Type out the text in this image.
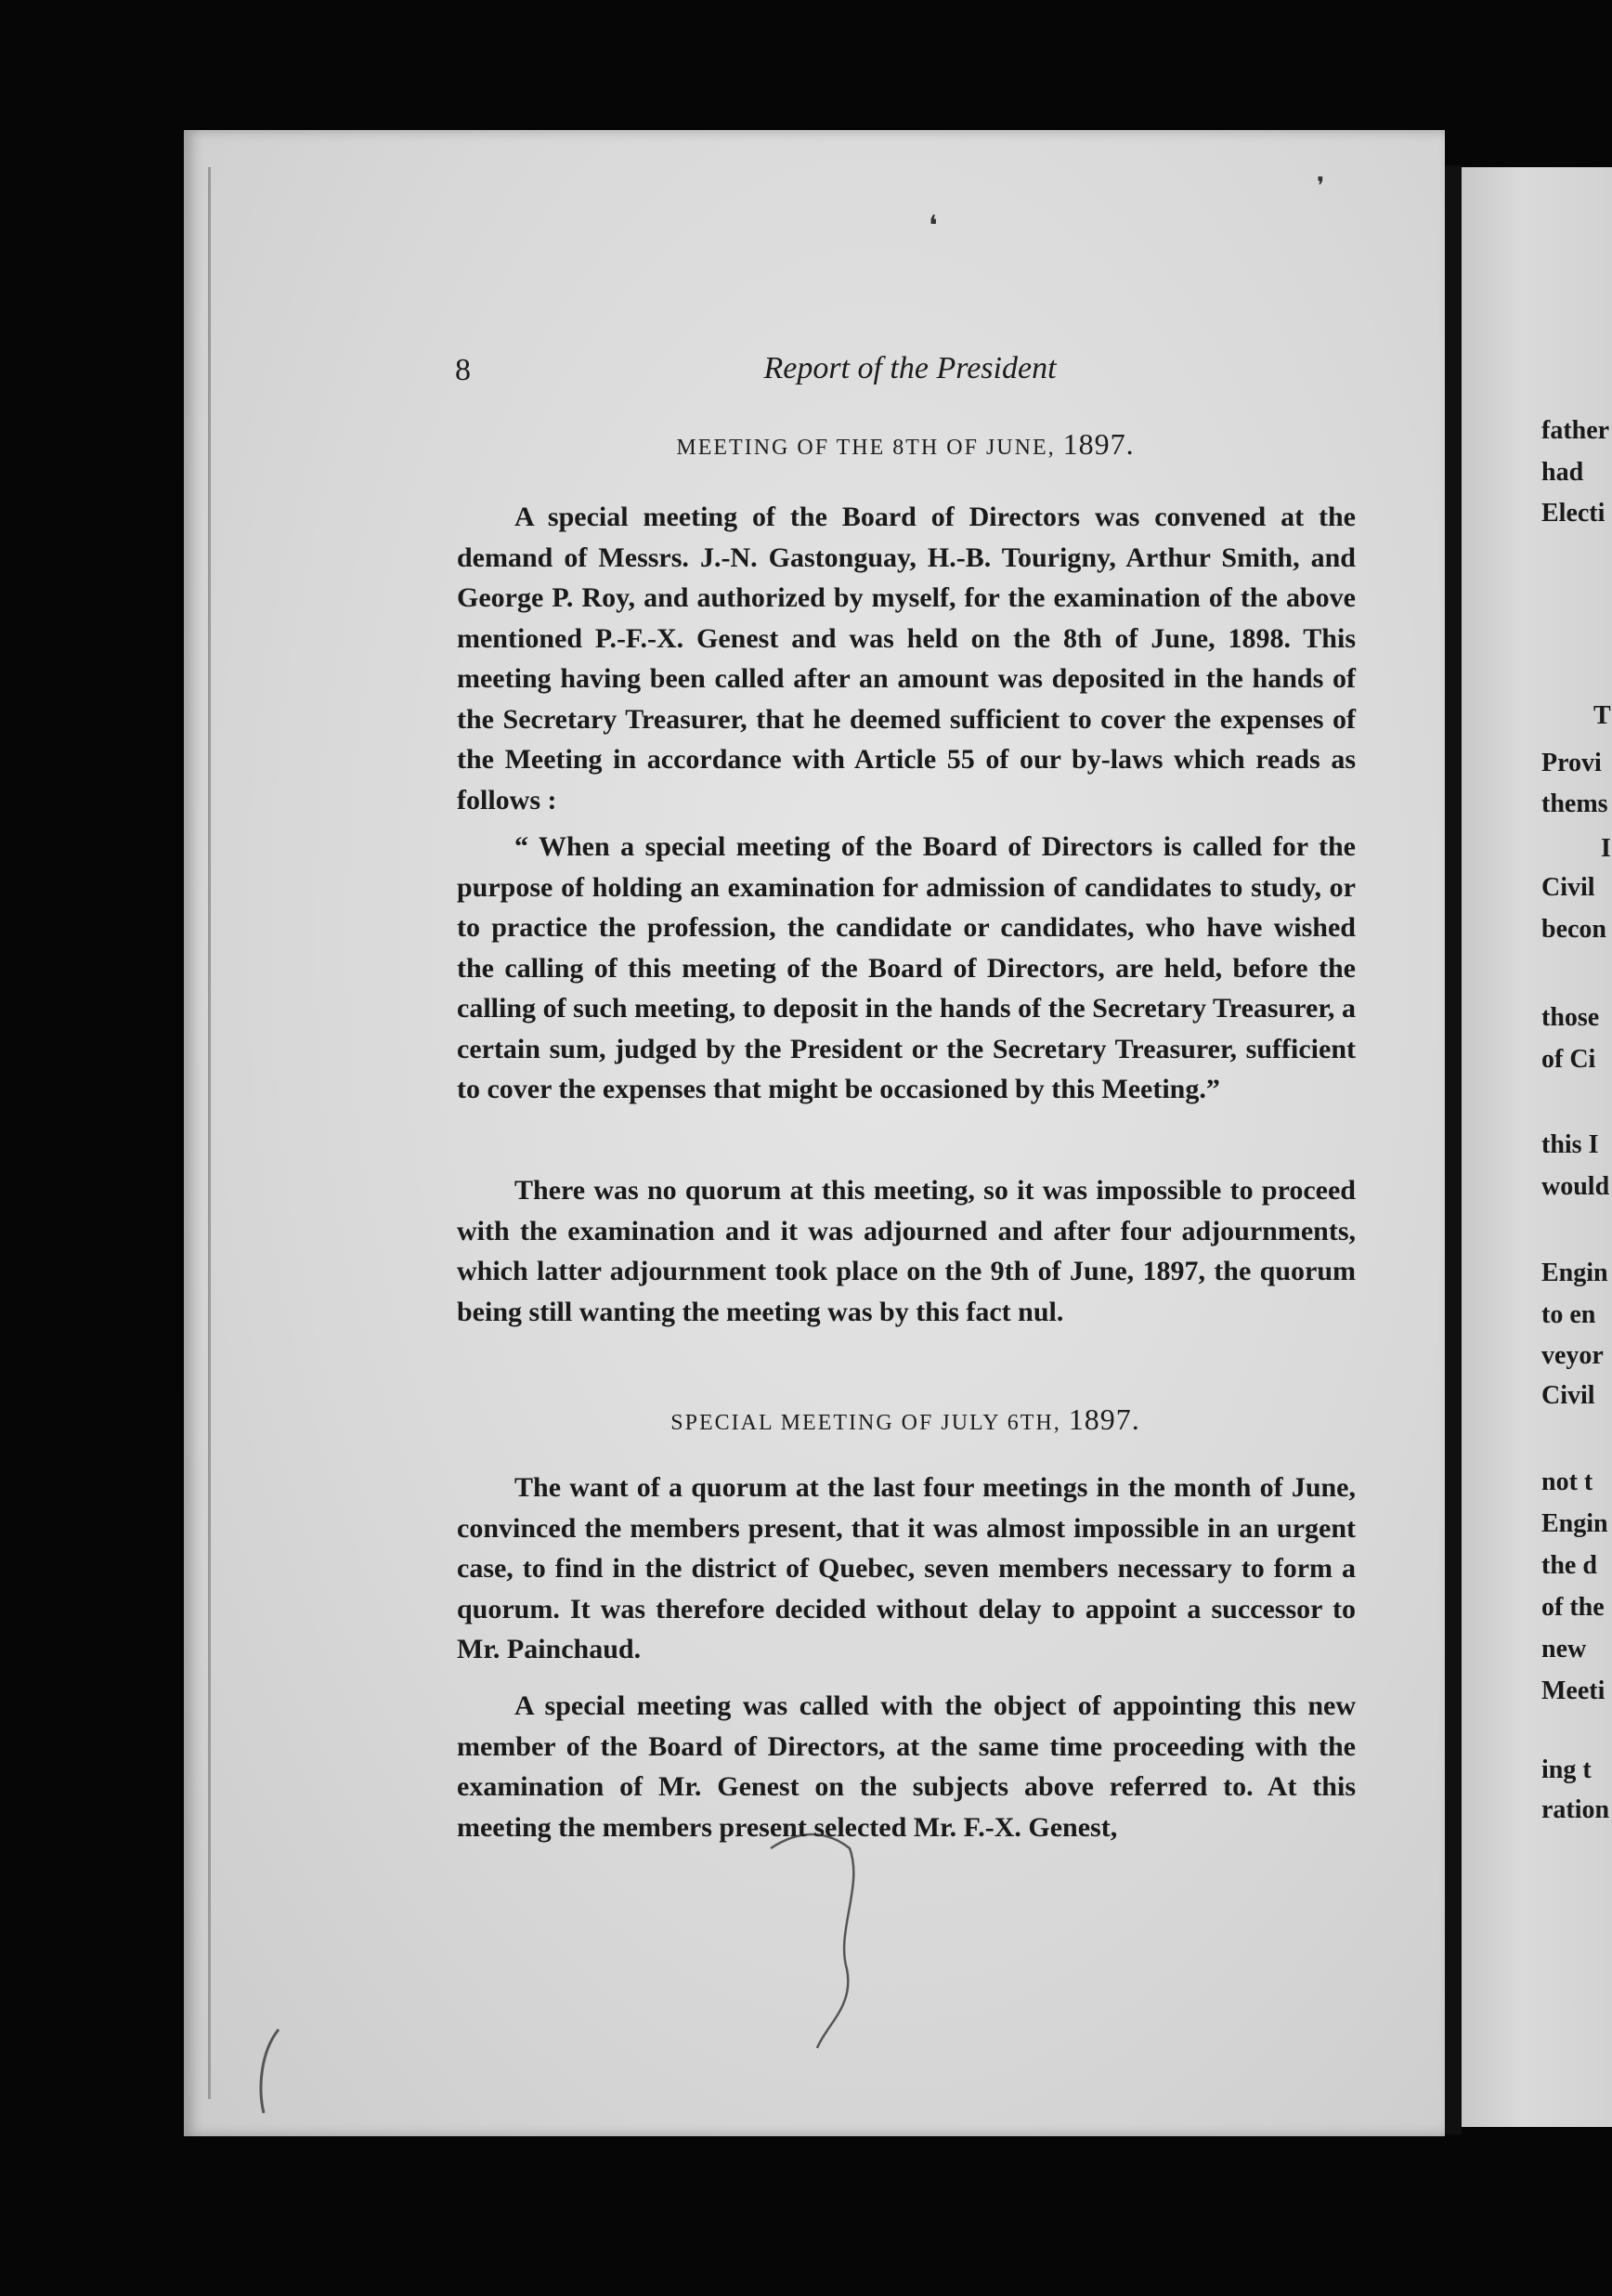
❜
❛
8	Report of the President
MEETING OF THE 8TH OF JUNE, 1897.

A special meeting of the Board of Directors was convened at the demand of Messrs. J.-N. Gastonguay, H.-B. Tourigny, Arthur Smith, and George P. Roy, and authorized by myself, for the examination of the above mentioned P.-F.-X. Genest and was held on the 8th of June, 1898. This meeting having been called after an amount was deposited in the hands of the Secretary Treasurer, that he deemed sufficient to cover the expenses of the Meeting in accordance with Article 55 of our by-laws which reads as follows :

“ When a special meeting of the Board of Directors is called for the purpose of holding an examination for admission of candidates to study, or to practice the profession, the candidate or candidates, who have wished the calling of this meeting of the Board of Directors, are held, before the calling of such meeting, to deposit in the hands of the Secretary Treasurer, a certain sum, judged by the President or the Secretary Treasurer, sufficient to cover the expenses that might be occasioned by this Meeting.”

There was no quorum at this meeting, so it was impossible to proceed with the examination and it was adjourned and after four adjournments, which latter adjournment took place on the 9th of June, 1897, the quorum being still wanting the meeting was by this fact nul.

SPECIAL MEETING OF JULY 6TH, 1897.

The want of a quorum at the last four meetings in the month of June, convinced the members present, that it was almost impossible in an urgent case, to find in the district of Quebec, seven members necessary to form a quorum. It was therefore decided without delay to appoint a successor to Mr. Painchaud.

A special meeting was called with the object of appointing this new member of the Board of Directors, at the same time proceeding with the examination of Mr. Genest on the subjects above referred to. At this meeting the members present selected Mr. F.-X. Genest,

father
had
Electi
T
Provi
thems
I
Civil
becon
those
of Ci
this I
would
Engin
to en
veyor
Civil
not t
Engin
the d
of the
new
Meeti
ing t
ration
